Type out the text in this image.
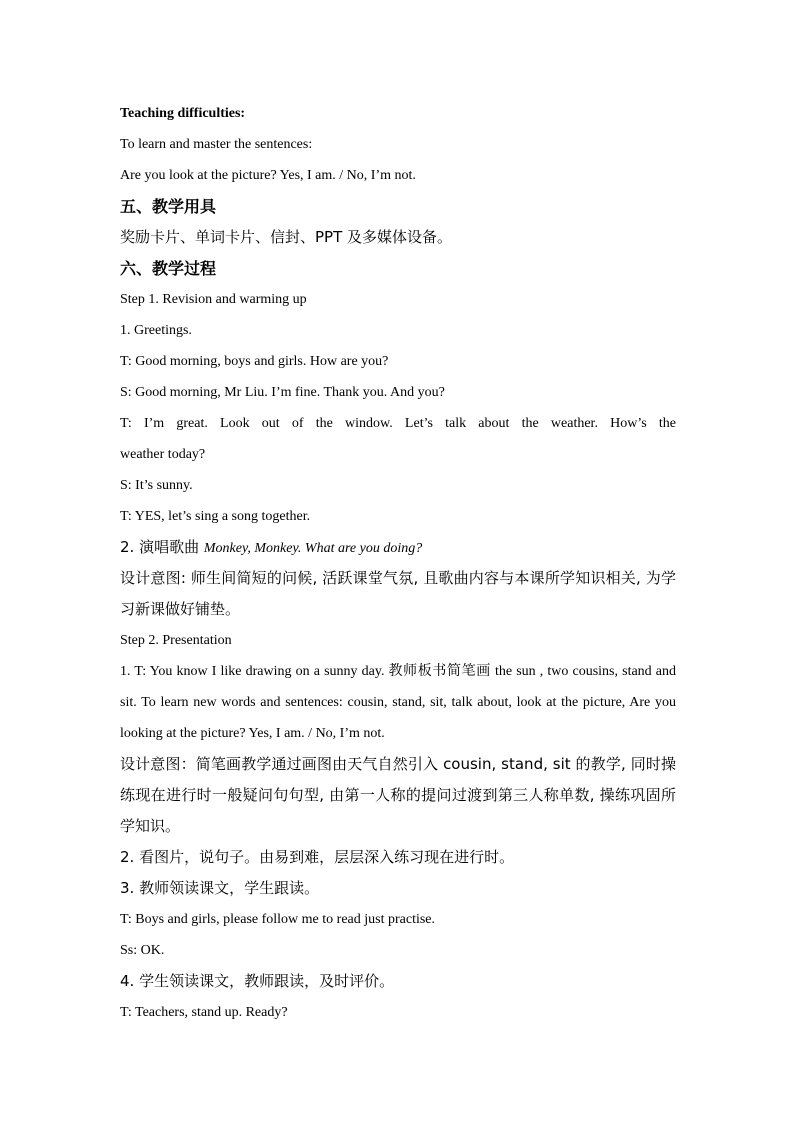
Teaching difficulties:
To learn and master the sentences:
Are you look at the picture? Yes, I am. / No, I’m not.
五、教学用具
奖励卡片、单词卡片、信封、PPT 及多媒体设备。
六、教学过程
Step 1. Revision and warming up
1. Greetings.
T: Good morning, boys and girls. How are you?
S: Good morning, Mr Liu. I’m fine. Thank you. And you?
T: I’m great. Look out of the window. Let’s talk about the weather. How’s the
weather today?
S: It’s sunny.
T: YES, let’s sing a song together.
2. 演唱歌曲 Monkey, Monkey. What are you doing?
设计意图: 师生间简短的问候, 活跃课堂气氛, 且歌曲内容与本课所学知识相关, 为学习新课做好铺垫。
Step 2. Presentation
1. T: You know I like drawing on a sunny day. 教师板书简笔画 the sun , two cousins, stand and sit. To learn new words and sentences: cousin, stand, sit, talk about, look at the picture, Are you looking at the picture? Yes, I am. / No, I’m not.
设计意图：简笔画教学通过画图由天气自然引入 cousin, stand, sit 的教学, 同时操练现在进行时一般疑问句句型, 由第一人称的提问过渡到第三人称单数, 操练巩固所学知识。
2. 看图片，说句子。由易到难，层层深入练习现在进行时。
3. 教师领读课文，学生跟读。
T: Boys and girls, please follow me to read just practise.
Ss: OK.
4. 学生领读课文，教师跟读，及时评价。
T: Teachers, stand up. Ready?
